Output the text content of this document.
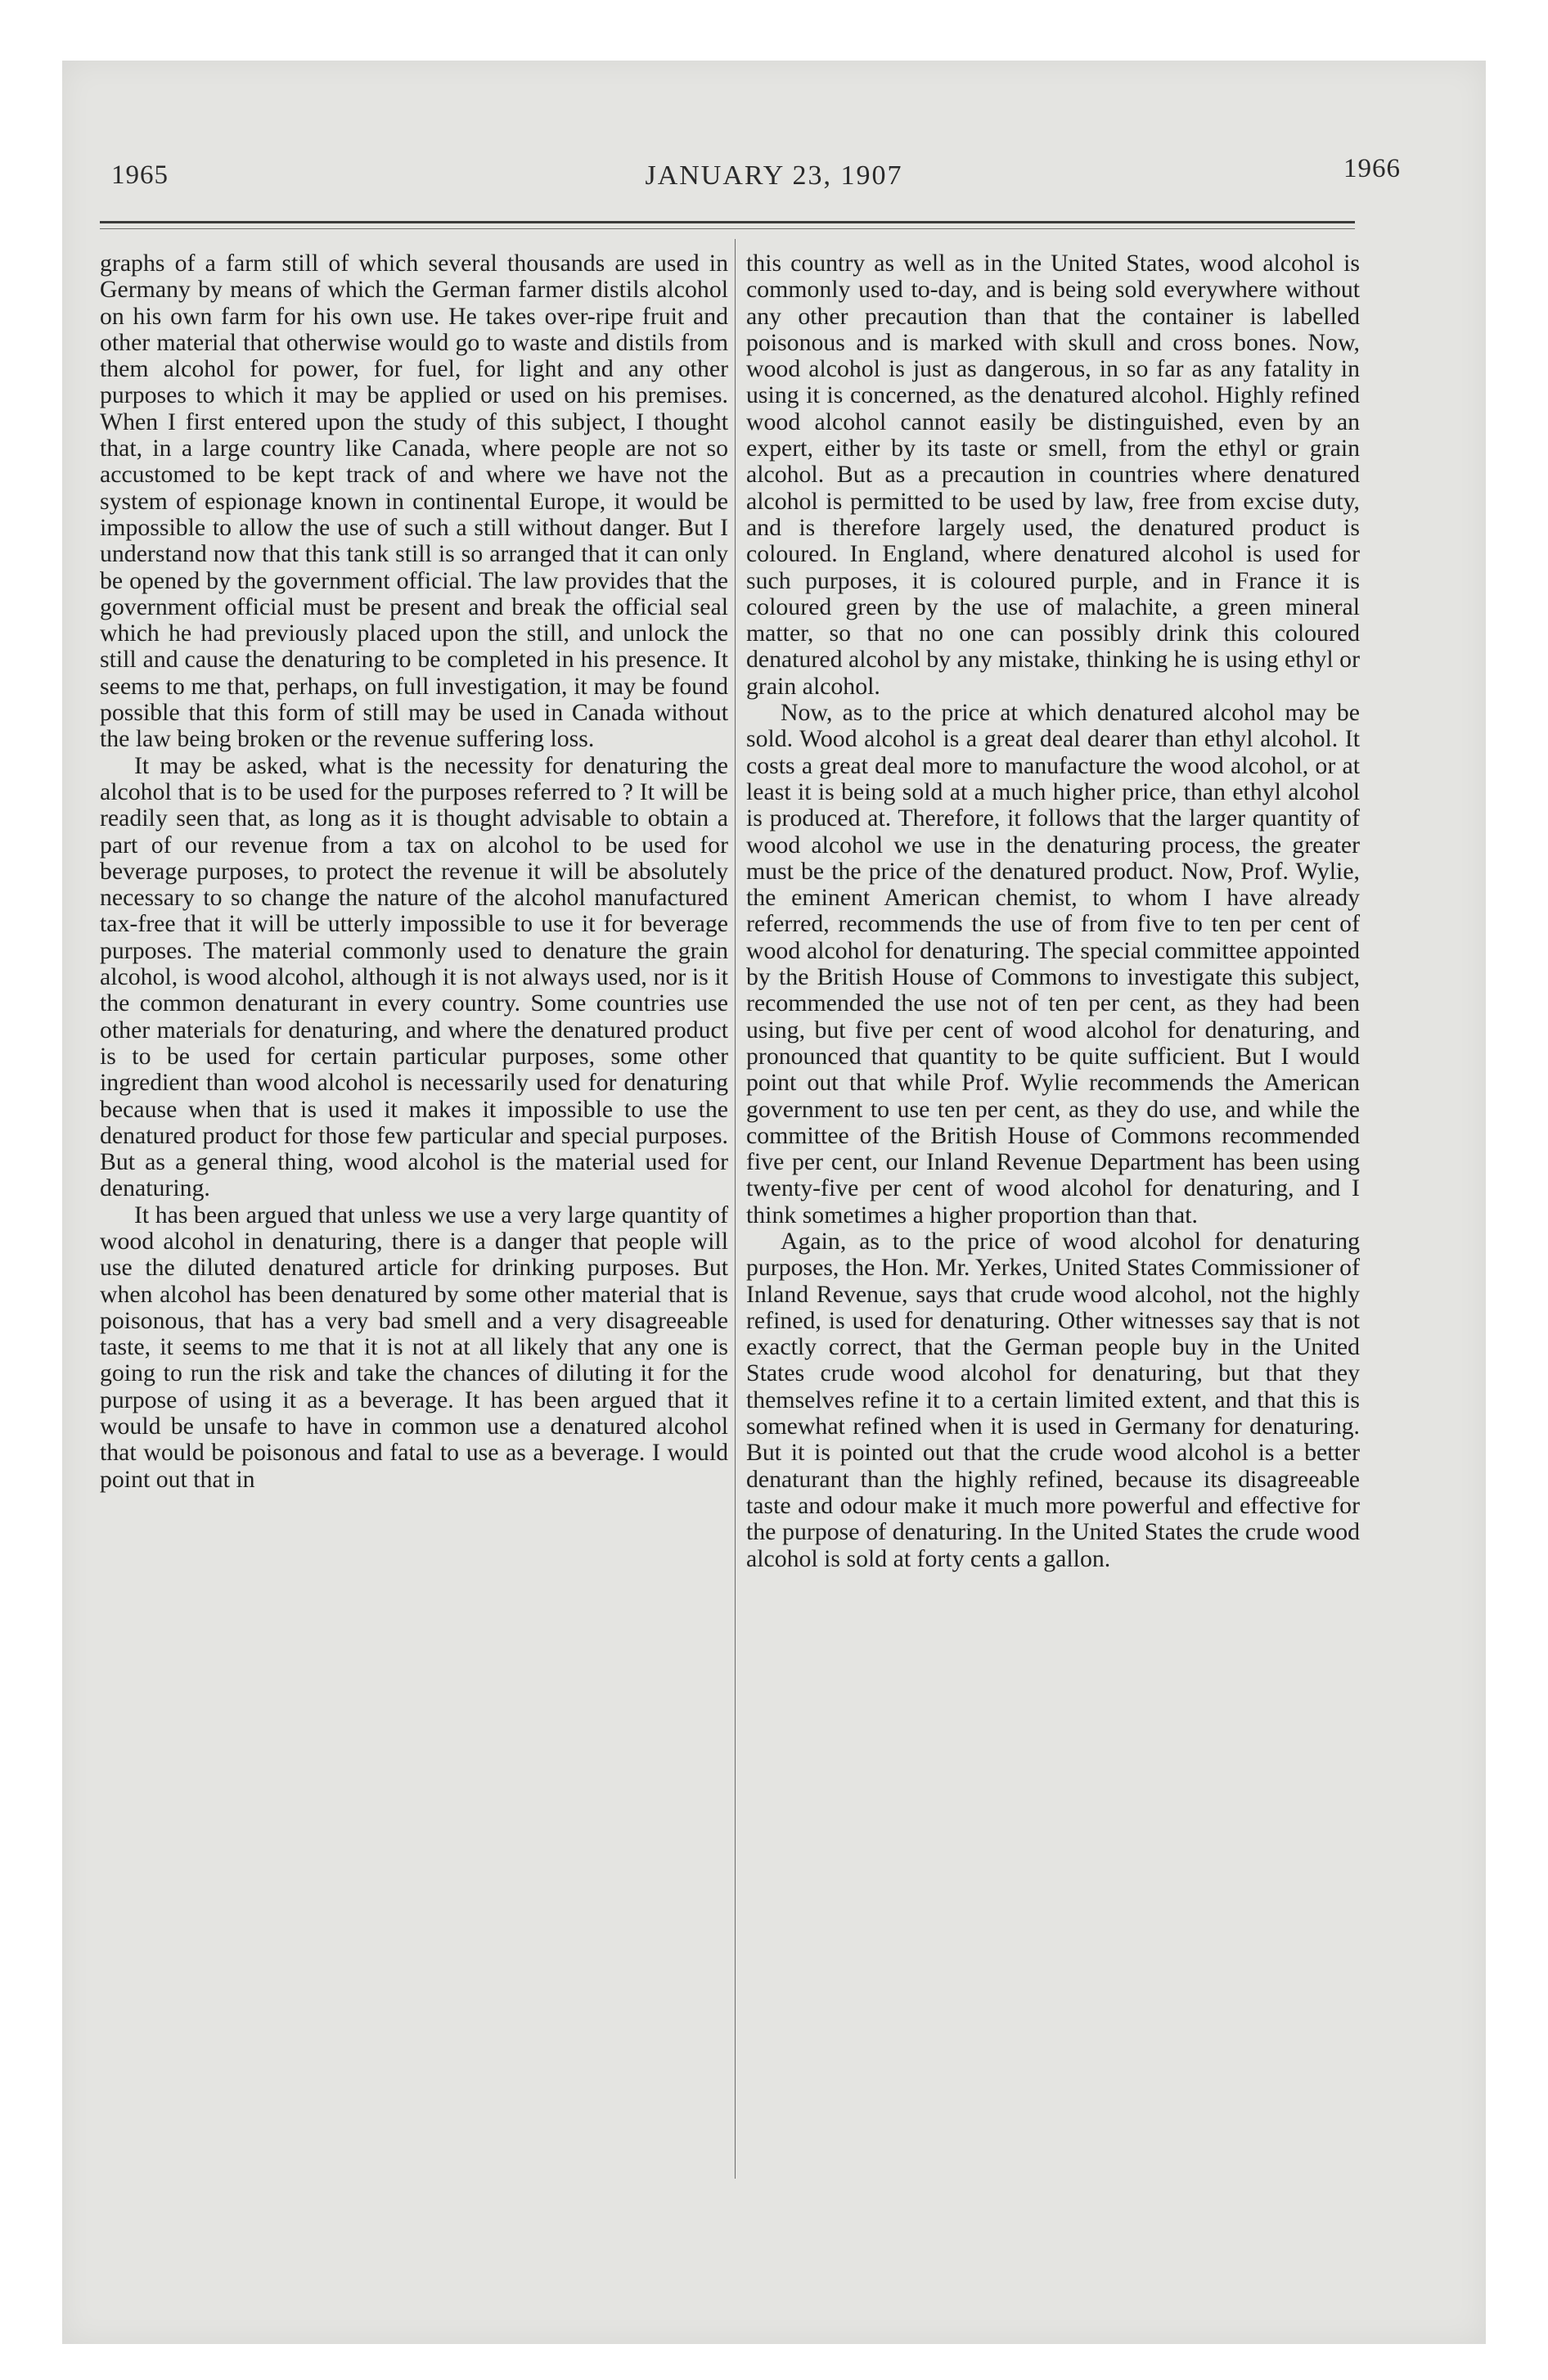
1965	JANUARY 23, 1907	1966

graphs of a farm still of which several thousands are used in Germany by means of which the German farmer distils alcohol on his own farm for his own use. He takes over-ripe fruit and other material that otherwise would go to waste and distils from them alcohol for power, for fuel, for light and any other purposes to which it may be applied or used on his premises. When I first entered upon the study of this subject, I thought that, in a large country like Canada, where people are not so accustomed to be kept track of and where we have not the system of espionage known in continental Europe, it would be impossible to allow the use of such a still without danger. But I understand now that this tank still is so arranged that it can only be opened by the government official. The law provides that the government official must be present and break the official seal which he had previously placed upon the still, and unlock the still and cause the denaturing to be completed in his presence. It seems to me that, perhaps, on full investigation, it may be found possible that this form of still may be used in Canada without the law being broken or the revenue suffering loss.

It may be asked, what is the necessity for denaturing the alcohol that is to be used for the purposes referred to ? It will be readily seen that, as long as it is thought advisable to obtain a part of our revenue from a tax on alcohol to be used for beverage purposes, to protect the revenue it will be absolutely necessary to so change the nature of the alcohol manufactured tax-free that it will be utterly impossible to use it for beverage purposes. The material commonly used to denature the grain alcohol, is wood alcohol, although it is not always used, nor is it the common denaturant in every country. Some countries use other materials for denaturing, and where the denatured product is to be used for certain particular purposes, some other ingredient than wood alcohol is necessarily used for denaturing because when that is used it makes it impossible to use the denatured product for those few particular and special purposes. But as a general thing, wood alcohol is the material used for denaturing.

It has been argued that unless we use a very large quantity of wood alcohol in denaturing, there is a danger that people will use the diluted denatured article for drinking purposes. But when alcohol has been denatured by some other material that is poisonous, that has a very bad smell and a very disagreeable taste, it seems to me that it is not at all likely that any one is going to run the risk and take the chances of diluting it for the purpose of using it as a beverage. It has been argued that it would be unsafe to have in common use a denatured alcohol that would be poisonous and fatal to use as a beverage. I would point out that in

this country as well as in the United States, wood alcohol is commonly used to-day, and is being sold everywhere without any other precaution than that the container is labelled poisonous and is marked with skull and cross bones. Now, wood alcohol is just as dangerous, in so far as any fatality in using it is concerned, as the denatured alcohol. Highly refined wood alcohol cannot easily be distinguished, even by an expert, either by its taste or smell, from the ethyl or grain alcohol. But as a precaution in countries where denatured alcohol is permitted to be used by law, free from excise duty, and is therefore largely used, the denatured product is coloured. In England, where denatured alcohol is used for such purposes, it is coloured purple, and in France it is coloured green by the use of malachite, a green mineral matter, so that no one can possibly drink this coloured denatured alcohol by any mistake, thinking he is using ethyl or grain alcohol.

Now, as to the price at which denatured alcohol may be sold. Wood alcohol is a great deal dearer than ethyl alcohol. It costs a great deal more to manufacture the wood alcohol, or at least it is being sold at a much higher price, than ethyl alcohol is produced at. Therefore, it follows that the larger quantity of wood alcohol we use in the denaturing process, the greater must be the price of the denatured product. Now, Prof. Wylie, the eminent American chemist, to whom I have already referred, recommends the use of from five to ten per cent of wood alcohol for denaturing. The special committee appointed by the British House of Commons to investigate this subject, recommended the use not of ten per cent, as they had been using, but five per cent of wood alcohol for denaturing, and pronounced that quantity to be quite sufficient. But I would point out that while Prof. Wylie recommends the American government to use ten per cent, as they do use, and while the committee of the British House of Commons recommended five per cent, our Inland Revenue Department has been using twenty-five per cent of wood alcohol for denaturing, and I think sometimes a higher proportion than that.

Again, as to the price of wood alcohol for denaturing purposes, the Hon. Mr. Yerkes, United States Commissioner of Inland Revenue, says that crude wood alcohol, not the highly refined, is used for denaturing. Other witnesses say that is not exactly correct, that the German people buy in the United States crude wood alcohol for denaturing, but that they themselves refine it to a certain limited extent, and that this is somewhat refined when it is used in Germany for denaturing. But it is pointed out that the crude wood alcohol is a better denaturant than the highly refined, because its disagreeable taste and odour make it much more powerful and effective for the purpose of denaturing. In the United States the crude wood alcohol is sold at forty cents a gallon.
